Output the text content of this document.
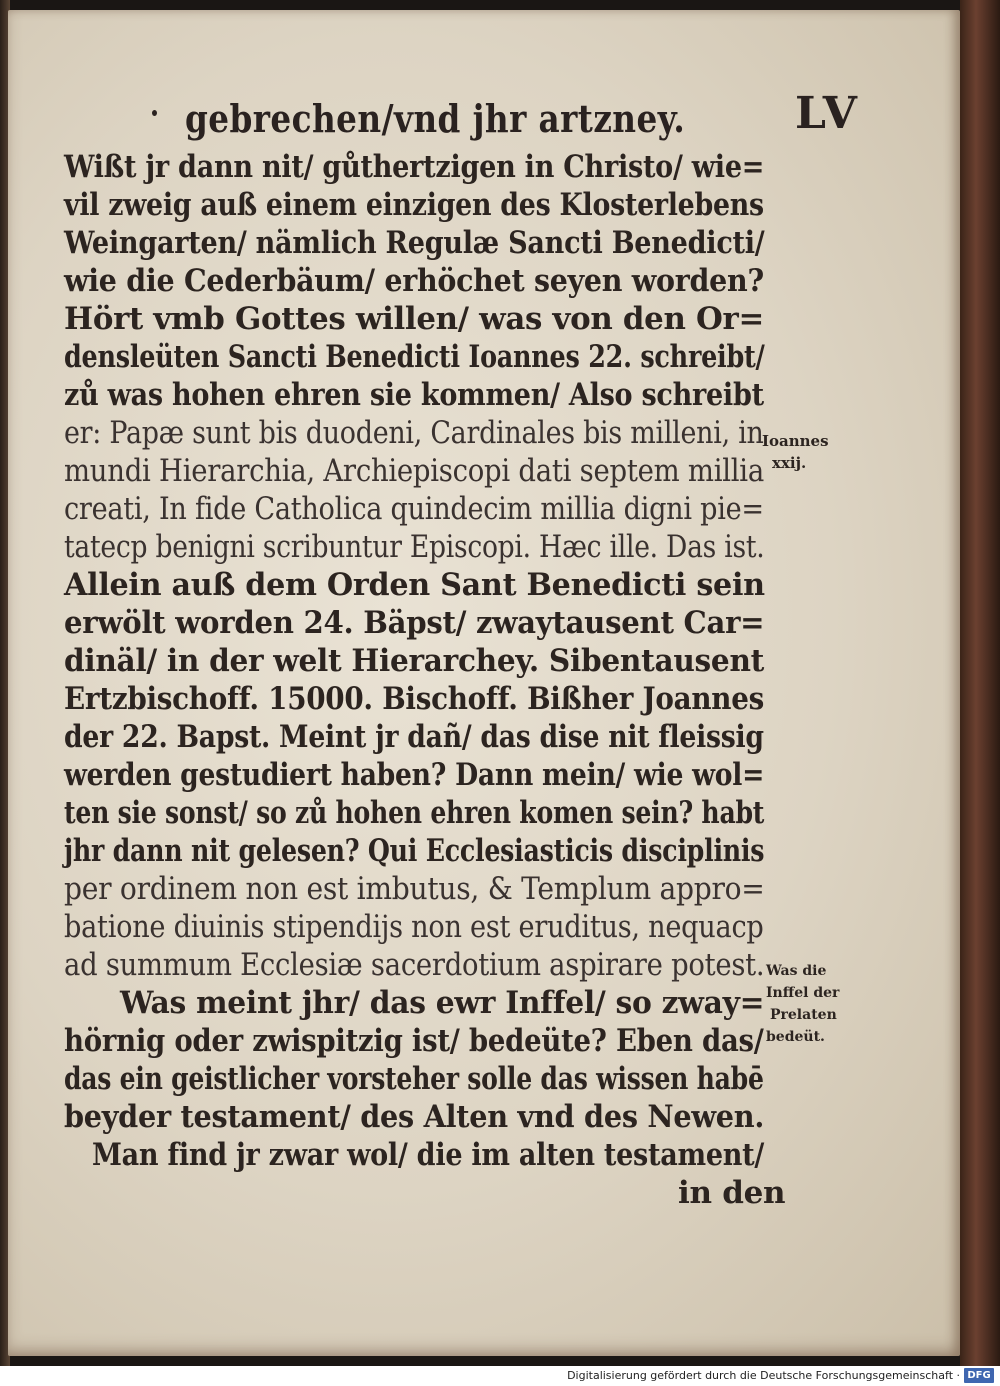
gebrechen/vnd jhr artzney. LV
Wißt jr dann nit/ gůthertzigen in Christo/ wie=
vil zweig auß einem einzigen des Klosterlebens
Weingarten/ nämlich Regulæ Sancti Benedicti/
wie die Cederbäum/ erhöchet seyen worden?
Hört vmb Gottes willen/ was von den Or=
densleüten Sancti Benedicti Ioannes 22. schreibt/
zů was hohen ehren sie kommen/ Also schreibt
er: Papæ sunt bis duodeni, Cardinales bis milleni, in
mundi Hierarchia, Archiepiscopi dati septem millia
creati, In fide Catholica quindecim millia digni pie=
tatecp benigni scribuntur Episcopi. Hæc ille. Das ist.
Allein auß dem Orden Sant Benedicti sein
erwölt worden 24. Bäpst/ zwaytausent Car=
dinäl/ in der welt Hierarchey. Sibentausent
Ertzbischoff. 15000. Bischoff. Bißher Joannes
der 22. Bapst. Meint jr dañ/ das dise nit fleissig
werden gestudiert haben? Dann mein/ wie wol=
ten sie sonst/ so zů hohen ehren komen sein? habt
jhr dann nit gelesen? Qui Ecclesiasticis disciplinis
per ordinem non est imbutus, & Templum appro=
batione diuinis stipendijs non est eruditus, nequacp
ad summum Ecclesiæ sacerdotium aspirare potest.
Was meint jhr/ das ewr Inffel/ so zway=
hörnig oder zwispitzig ist/ bedeüte? Eben das/
das ein geistlicher vorsteher solle das wissen habē
beyder testament/ des Alten vnd des Newen.
Man find jr zwar wol/ die im alten testament/
in den
Ioannes
xxij.
Was die
Inffel der
Prelaten
bedeüt.
Digitalisierung gefördert durch die Deutsche Forschungsgemeinschaft · DFG
